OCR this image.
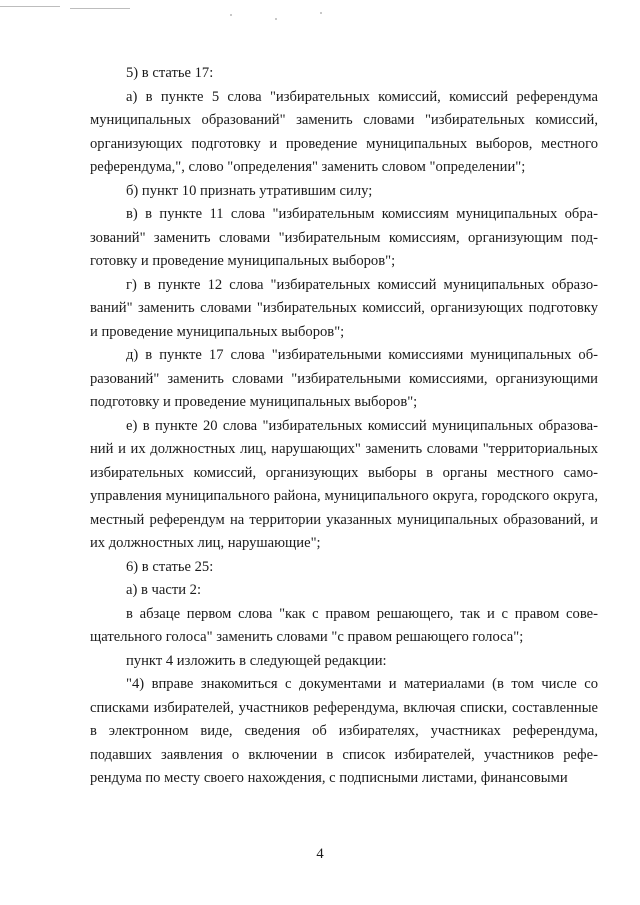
5) в статье 17:

а) в пункте 5 слова "избирательных комиссий, комиссий референдума муниципальных образований" заменить словами "избирательных комиссий, организующих подготовку и проведение муниципальных выборов, местного референдума,", слово "определения" заменить словом "определении";

б) пункт 10 признать утратившим силу;

в) в пункте 11 слова "избирательным комиссиям муниципальных образований" заменить словами "избирательным комиссиям, организующим подготовку и проведение муниципальных выборов";

г) в пункте 12 слова "избирательных комиссий муниципальных образований" заменить словами "избирательных комиссий, организующих подготовку и проведение муниципальных выборов";

д) в пункте 17 слова "избирательными комиссиями муниципальных образований" заменить словами "избирательными комиссиями, организующими подготовку и проведение муниципальных выборов";

е) в пункте 20 слова "избирательных комиссий муниципальных образований и их должностных лиц, нарушающих" заменить словами "территориальных избирательных комиссий, организующих выборы в органы местного самоуправления муниципального района, муниципального округа, городского округа, местный референдум на территории указанных муниципальных образований, и их должностных лиц, нарушающие";

6) в статье 25:

а) в части 2:

в абзаце первом слова "как с правом решающего, так и с правом совещательного голоса" заменить словами "с правом решающего голоса";

пункт 4 изложить в следующей редакции:

"4) вправе знакомиться с документами и материалами (в том числе со списками избирателей, участников референдума, включая списки, составленные в электронном виде, сведения об избирателях, участниках референдума, подавших заявления о включении в список избирателей, участников референдума по месту своего нахождения, с подписными листами, финансовыми

4
